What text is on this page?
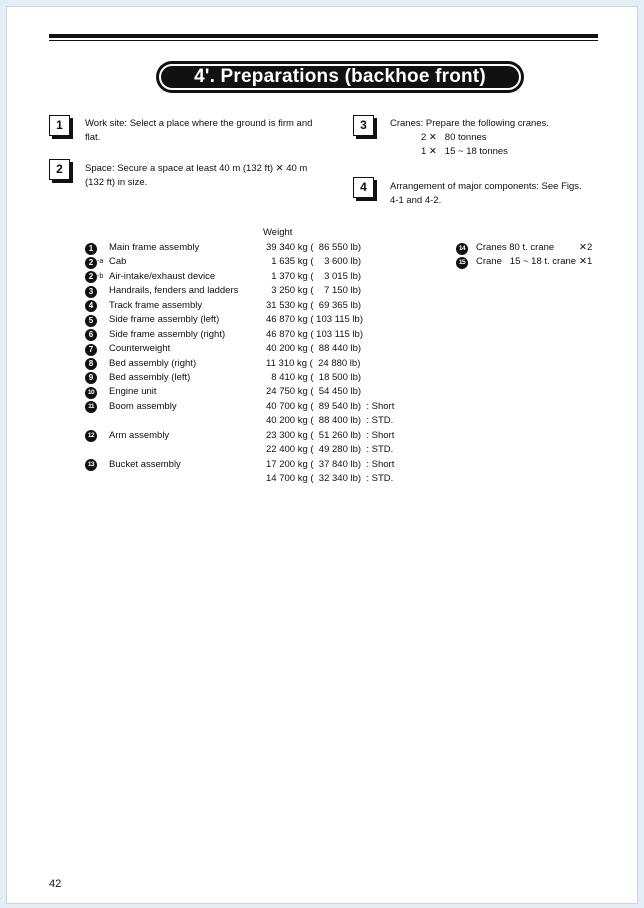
4'. Preparations (backhoe front)
1	Work site: Select a place where the ground is firm and
flat.
2	Space: Secure a space at least 40 m (132 ft) ✕ 40 m
(132 ft) in size.
3	Cranes: Prepare the following cranes.
2 ✕   80 tonnes
1 ✕   15 ~ 18 tonnes
4	Arrangement of major components: See Figs.
4-1 and 4-2.
Weight
1	Main frame assembly	39 340 kg (  86 550 lb)
2 -a Cab	1 635 kg (    3 600 lb)
2 -b Air-intake/exhaust device	1 370 kg (    3 015 lb)
3	Handrails, fenders and ladders	3 250 kg (    7 150 lb)
4	Track frame assembly	31 530 kg (  69 365 lb)
5	Side frame assembly (left)	46 870 kg ( 103 115 lb)
6	Side frame assembly (right)	46 870 kg ( 103 115 lb)
7	Counterweight	40 200 kg (  88 440 lb)
8	Bed assembly (right)	11 310 kg (  24 880 lb)
9	Bed assembly (left)	8 410 kg (  18 500 lb)
10	Engine unit	24 750 kg (  54 450 lb)
11	Boom assembly	40 700 kg (  89 540 lb)  : Short
40 200 kg (  88 400 lb)  : STD.
12	Arm assembly	23 300 kg (  51 260 lb)  : Short
22 400 kg (  49 280 lb)  : STD.
13	Bucket assembly	17 200 kg (  37 840 lb)  : Short
14 700 kg (  32 340 lb)  : STD.
14	Cranes 80 t. crane	✕2
15	Crane   15 ~ 18 t. crane ✕1
42
